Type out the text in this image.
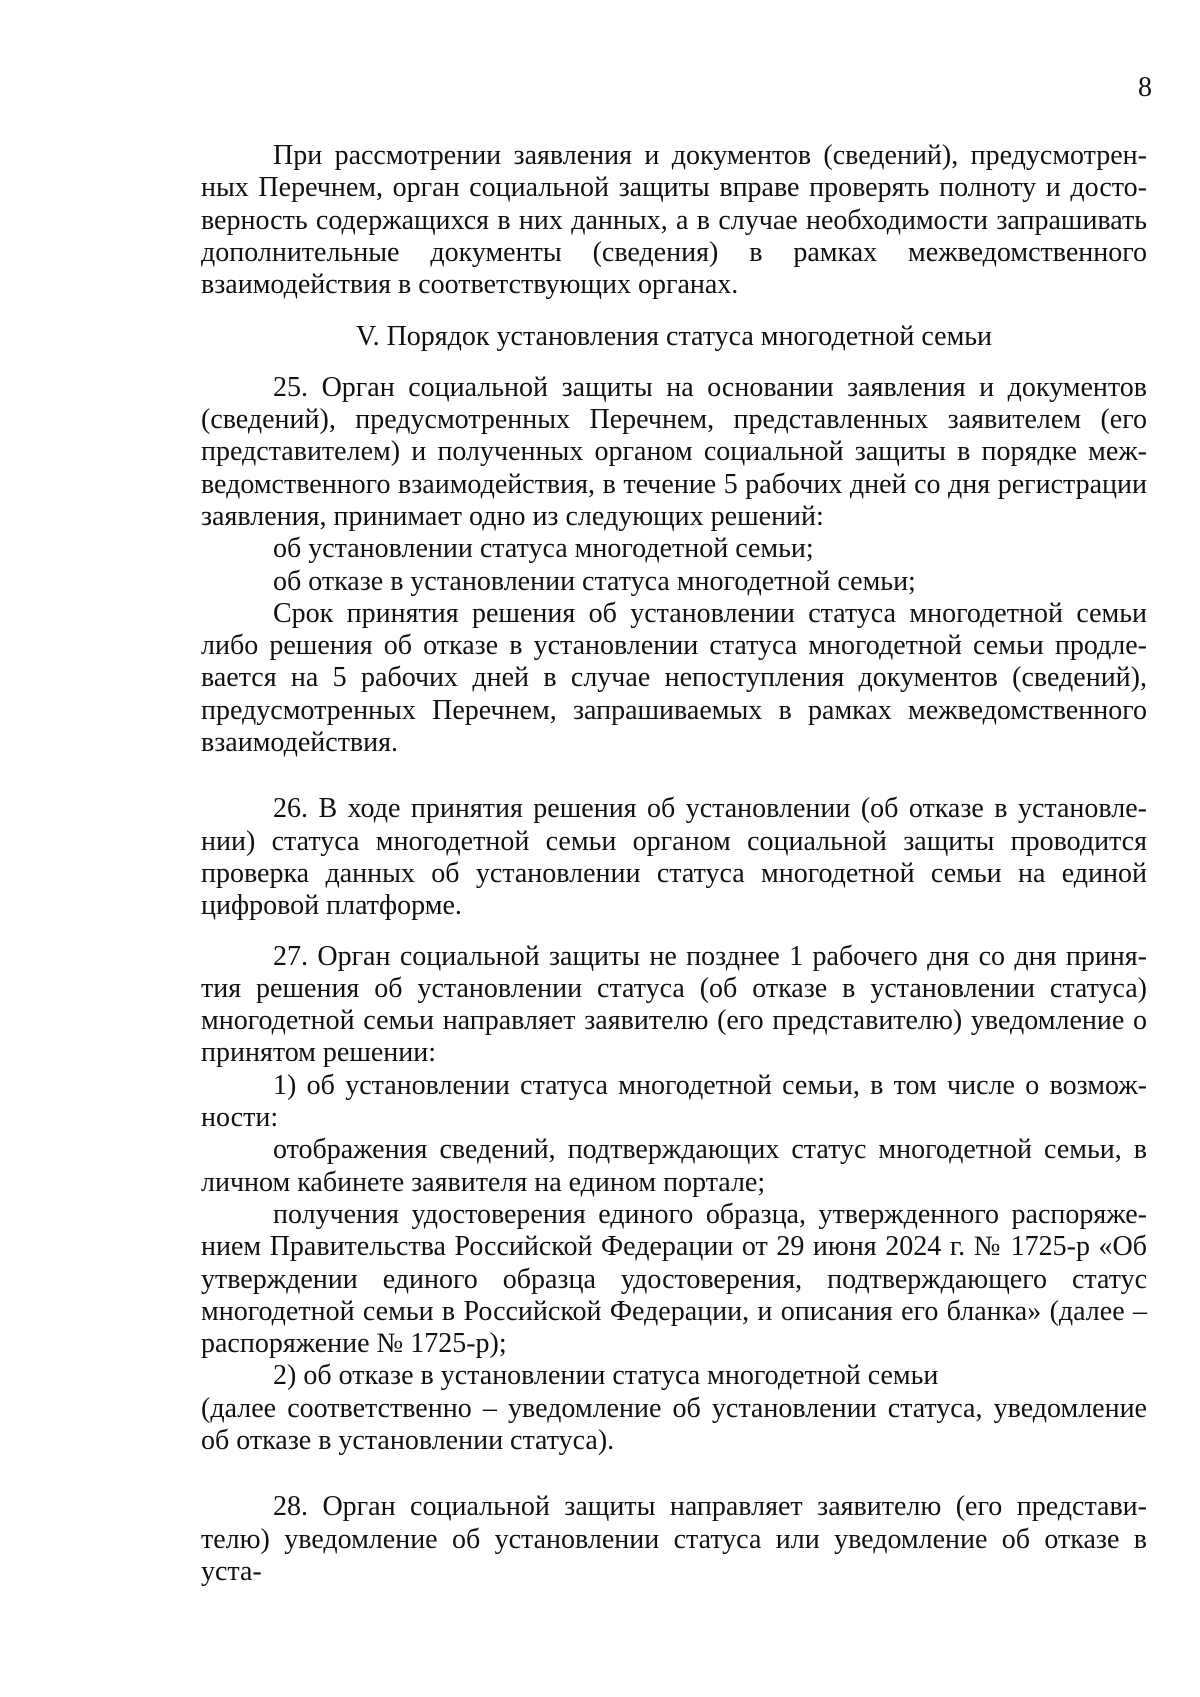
8

При рассмотрении заявления и документов (сведений), предусмотренных Перечнем, орган социальной защиты вправе проверять полноту и достоверность содержащихся в них данных, а в случае необходимости запрашивать дополнительные документы (сведения) в рамках межведомственного взаимодействия в соответствующих органах.

V. Порядок установления статуса многодетной семьи

25. Орган социальной защиты на основании заявления и документов (сведений), предусмотренных Перечнем, представленных заявителем (его представителем) и полученных органом социальной защиты в порядке межведомственного взаимодействия, в течение 5 рабочих дней со дня регистрации заявления, принимает одно из следующих решений:

об установлении статуса многодетной семьи;

об отказе в установлении статуса многодетной семьи;

Срок принятия решения об установлении статуса многодетной семьи либо решения об отказе в установлении статуса многодетной семьи продлевается на 5 рабочих дней в случае непоступления документов (сведений), предусмотренных Перечнем, запрашиваемых в рамках межведомственного взаимодействия.

26. В ходе принятия решения об установлении (об отказе в установлении) статуса многодетной семьи органом социальной защиты проводится проверка данных об установлении статуса многодетной семьи на единой цифровой платформе.

27. Орган социальной защиты не позднее 1 рабочего дня со дня принятия решения об установлении статуса (об отказе в установлении статуса) многодетной семьи направляет заявителю (его представителю) уведомление о принятом решении:

1) об установлении статуса многодетной семьи, в том числе о возможности:

отображения сведений, подтверждающих статус многодетной семьи, в личном кабинете заявителя на едином портале;

получения удостоверения единого образца, утвержденного распоряжением Правительства Российской Федерации от 29 июня 2024 г. № 1725-р «Об утверждении единого образца удостоверения, подтверждающего статус многодетной семьи в Российской Федерации, и описания его бланка» (далее – распоряжение № 1725-р);

2) об отказе в установлении статуса многодетной семьи

(далее соответственно – уведомление об установлении статуса, уведомление об отказе в установлении статуса).

28. Орган социальной защиты направляет заявителю (его представителю) уведомление об установлении статуса или уведомление об отказе в уста-
